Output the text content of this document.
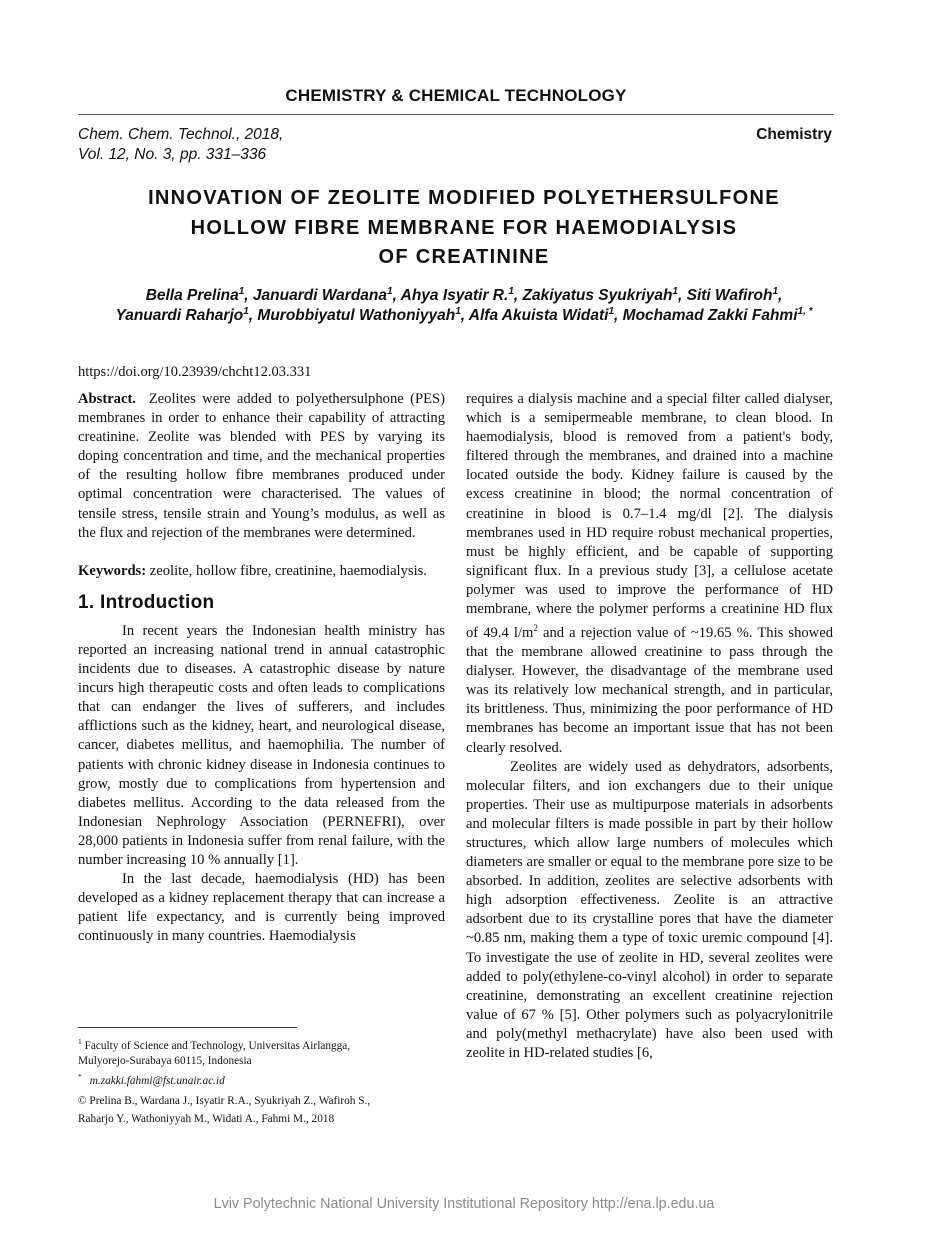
CHEMISTRY & CHEMICAL TECHNOLOGY
Chem. Chem. Technol., 2018,
Vol. 12, No. 3, pp. 331–336
Chemistry
INNOVATION OF ZEOLITE MODIFIED POLYETHERSULFONE
HOLLOW FIBRE MEMBRANE FOR HAEMODIALYSIS
OF CREATININE
Bella Prelina$^1$, Januardi Wardana$^1$, Ahya Isyatir R.$^1$, Zakiyatus Syukriyah$^1$, Siti Wafiroh$^1$,
Yanuardi Raharjo$^1$, Murobbiyatul Wathoniyyah$^1$, Alfa Akuista Widati$^1$, Mochamad Zakki Fahmi$^{1, *}$
https://doi.org/10.23939/chcht12.03.331

Abstract. Zeolites were added to polyethersulphone (PES) membranes in order to enhance their capability of attracting creatinine. Zeolite was blended with PES by varying its doping concentration and time, and the mechanical properties of the resulting hollow fibre membranes produced under optimal concentration were characterised. The values of tensile stress, tensile strain and Young’s modulus, as well as the flux and rejection of the membranes were determined.

Keywords: zeolite, hollow fibre, creatinine, haemodialysis.

1. Introduction

In recent years the Indonesian health ministry has reported an increasing national trend in annual catastrophic incidents due to diseases. A catastrophic disease by nature incurs high therapeutic costs and often leads to complications that can endanger the lives of sufferers, and includes afflictions such as the kidney, heart, and neurological disease, cancer, diabetes mellitus, and haemophilia. The number of patients with chronic kidney disease in Indonesia continues to grow, mostly due to complications from hypertension and diabetes mellitus. According to the data released from the Indonesian Nephrology Association (PERNEFRI), over 28,000 patients in Indonesia suffer from renal failure, with the number increasing 10 % annually [1].

In the last decade, haemodialysis (HD) has been developed as a kidney replacement therapy that can increase a patient life expectancy, and is currently being improved continuously in many countries. Haemodialysis

$^1$ Faculty of Science and Technology, Universitas Airlangga,
Mulyorejo-Surabaya 60115, Indonesia
* m.zakki.fahmi@fst.unair.ac.id
© Prelina B., Wardana J., Isyatir R.A., Syukriyah Z., Wafiroh S.,
Raharjo Y., Wathoniyyah M., Widati A., Fahmi M., 2018

requires a dialysis machine and a special filter called dialyser, which is a semipermeable membrane, to clean blood. In haemodialysis, blood is removed from a patient's body, filtered through the membranes, and drained into a machine located outside the body. Kidney failure is caused by the excess creatinine in blood; the normal concentration of creatinine in blood is 0.7–1.4 mg/dl [2]. The dialysis membranes used in HD require robust mechanical properties, must be highly efficient, and be capable of supporting significant flux. In a previous study [3], a cellulose acetate polymer was used to improve the performance of HD membrane, where the polymer performs a creatinine HD flux of 49.4 $l/m^2$ and a rejection value of ~19.65 %. This showed that the membrane allowed creatinine to pass through the dialyser. However, the disadvantage of the membrane used was its relatively low mechanical strength, and in particular, its brittleness. Thus, minimizing the poor performance of HD membranes has become an important issue that has not been clearly resolved.

Zeolites are widely used as dehydrators, adsorbents, molecular filters, and ion exchangers due to their unique properties. Their use as multipurpose materials in adsorbents and molecular filters is made possible in part by their hollow structures, which allow large numbers of molecules which diameters are smaller or equal to the membrane pore size to be absorbed. In addition, zeolites are selective adsorbents with high adsorption effectiveness. Zeolite is an attractive adsorbent due to its crystalline pores that have the diameter ~0.85 nm, making them a type of toxic uremic compound [4]. To investigate the use of zeolite in HD, several zeolites were added to poly(ethylene-co-vinyl alcohol) in order to separate creatinine, demonstrating an excellent creatinine rejection value of 67 % [5]. Other polymers such as polyacrylonitrile and poly(methyl methacrylate) have also been used with zeolite in HD-related studies [6,

Lviv Polytechnic National University Institutional Repository http://ena.lp.edu.ua
